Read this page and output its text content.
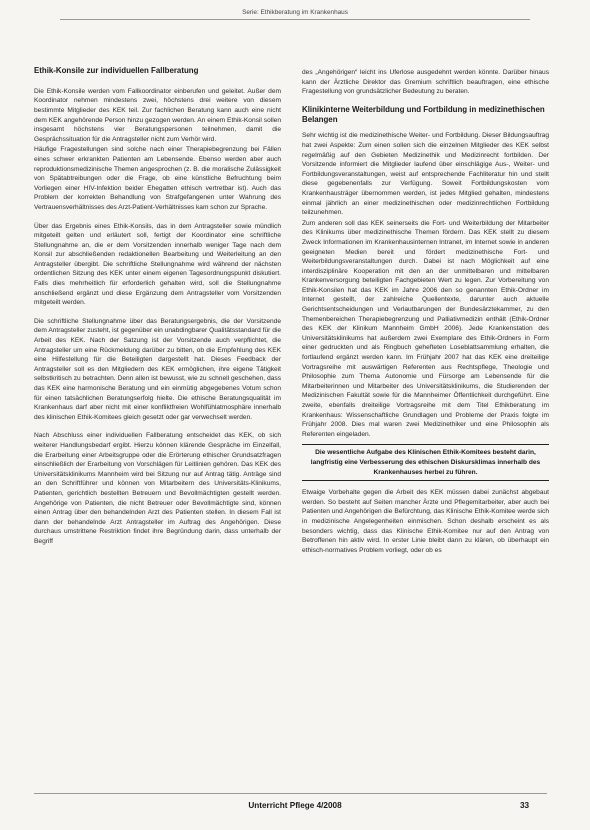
Serie: Ethikberatung im Krankenhaus
Ethik-Konsile zur individuellen Fallberatung

Die Ethik-Konsile werden vom Fallkoordinator einberufen und geleitet. Außer dem Koordinator nehmen mindestens zwei, höchstens drei weitere von diesem bestimmte Mitglieder des KEK teil. Zur fachlichen Beratung kann auch eine nicht dem KEK angehörende Person hinzu gezogen werden. An einem Ethik-Konsil sollen insgesamt höchstens vier Beratungspersonen teilnehmen, damit die Gesprächssituation für die Antragsteller nicht zum Verhör wird.

Häufige Fragestellungen sind solche nach einer Therapiebegrenzung bei Fällen eines schwer erkrankten Patienten am Lebensende. Ebenso werden aber auch reproduktionsmedizinische Themen angesprochen (z. B. die moralische Zulässigkeit von Spätabtreibungen oder die Frage, ob eine künstliche Befruchtung beim Vorliegen einer HIV-Infektion beider Ehegatten ethisch vertretbar ist). Auch das Problem der korrekten Behandlung von Strafgefangenen unter Wahrung des Vertrauensverhältnisses des Arzt-Patient-Verhältnisses kam schon zur Sprache.

Über das Ergebnis eines Ethik-Konsils, das in dem Antragsteller sowie mündlich mitgeteilt gelten und erläutert soll, fertigt der Koordinator eine schriftliche Stellungnahme an, die er dem Vorsitzenden innerhalb weniger Tage nach dem Konsil zur abschließenden redaktionellen Bearbeitung und Weiterleitung an den Antragsteller übergibt. Die schriftliche Stellungnahme wird während der nächsten ordentlichen Sitzung des KEK unter einem eigenen Tagesordnungspunkt diskutiert. Falls dies mehrheitlich für erforderlich gehalten wird, soll die Stellungnahme anschließend ergänzt und diese Ergänzung dem Antragsteller vom Vorsitzenden mitgeteilt werden.

Die schriftliche Stellungnahme über das Beratungsergebnis, die der Vorsitzende dem Antragsteller zusteht, ist gegenüber ein unabdingbarer Qualitätsstandard für die Arbeit des KEK. Nach der Satzung ist der Vorsitzende auch verpflichtet, die Antragsteller um eine Rückmeldung darüber zu bitten, ob die Empfehlung des KEK eine Hilfestellung für die Beteiligten dargestellt hat. Dieses Feedback der Antragsteller soll es den Mitgliedern des KEK ermöglichen, ihre eigene Tätigkeit selbstkritisch zu betrachten. Denn allen ist bewusst, wie zu schnell geschehen, dass das KEK eine harmonische Beratung und ein einmütig abgegebenes Votum schon für einen tatsächlichen Beratungserfolg hielte. Die ethische Beratungsqualität im Krankenhaus darf aber nicht mit einer konfliktfreien Wohlfühlatmosphäre innerhalb des klinischen Ethik-Komitees gleich gesetzt oder gar verwechselt werden.

Nach Abschluss einer individuellen Fallberatung entscheidet das KEK, ob sich weiterer Handlungsbedarf ergibt. Hierzu können klärende Gespräche im Einzelfall, die Erarbeitung einer Arbeitsgruppe oder die Erörterung ethischer Grundsatzfragen einschließlich der Erarbeitung von Vorschlägen für Leitlinien gehören. Das KEK des Universitätsklinikums Mannheim wird bei Sitzung nur auf Antrag tätig. Anträge sind an den Schriftführer und können von Mitarbeitern des Universitäts-Klinikums, Patienten, gerichtlich bestellten Betreuern und Bevollmächtigten gestellt werden. Angehörige von Patienten, die nicht Betreuer oder Bevollmächtigte sind, können einen Antrag über den behandelnden Arzt des Patienten stellen. In diesem Fall ist dann der behandelnde Arzt Antragsteller im Auftrag des Angehörigen. Diese durchaus umstrittene Restriktion findet ihre Begründung darin, dass unterhalb der Begriff

des „Angehörigen“ leicht ins Uferlose ausgedehnt werden könnte. Darüber hinaus kann der Ärztliche Direktor das Gremium schriftlich beauftragen, eine ethische Fragestellung von grundsätzlicher Bedeutung zu beraten.

Klinikinterne Weiterbildung und Fortbildung in medizinethischen Belangen

Sehr wichtig ist die medizinethische Weiter- und Fortbildung. Dieser Bildungsauftrag hat zwei Aspekte: Zum einen sollen sich die einzelnen Mitglieder des KEK selbst regelmäßig auf den Gebieten Medizinethik und Medizinrecht fortbilden. Der Vorsitzende informiert die Mitglieder laufend über einschlägige Aus-, Weiter- und Fortbildungsveranstaltungen, weist auf entsprechende Fachliteratur hin und stellt diese gegebenenfalls zur Verfügung. Soweit Fortbildungskosten vom Krankenhausträger übernommen werden, ist jedes Mitglied gehalten, mindestens einmal jährlich an einer medizinethischen oder medizinrechtlichen Fortbildung teilzunehmen.

Zum anderen soll das KEK seinerseits die Fort- und Weiterbildung der Mitarbeiter des Klinikums über medizinethische Themen fördern. Das KEK stellt zu diesem Zweck Informationen im Krankenhausinternen Intranet, im Internet sowie in anderen geeigneten Medien bereit und fördert medizinethische Fort- und Weiterbildungsveranstaltungen durch. Dabei ist nach Möglichkeit auf eine interdisziplinäre Kooperation mit den an der unmittelbaren und mittelbaren Krankenversorgung beteiligten Fachgebieten Wert zu legen. Zur Vorbereitung von Ethik-Konsilen hat das KEK im Jahre 2006 den so genannten Ethik-Ordner im Internet gestellt, der zahlreiche Quellentexte, darunter auch aktuelle Gerichtsentscheidungen und Verlautbarungen der Bundesärztekammer, zu den Themenbereichen Therapiebegrenzung und Palliativmedizin enthält (Ethik-Ordner des KEK der Klinikum Mannheim GmbH 2006). Jede Krankenstation des Universitätsklinikums hat außerdem zwei Exemplare des Ethik-Ordners in Form einer gedruckten und als Ringbuch gehefteten Loseblattsammlung erhalten, die fortlaufend ergänzt werden kann. Im Frühjahr 2007 hat das KEK eine dreiteilige Vortragsreihe mit auswärtigen Referenten aus Rechtspflege, Theologie und Philosophie zum Thema Autonomie und Fürsorge am Lebensende für die Mitarbeiterinnen und Mitarbeiter des Universitätsklinikums, die Studierenden der Medizinischen Fakultät sowie für die Mannheimer Öffentlichkeit durchgeführt. Eine zweite, ebenfalls dreiteilige Vortragsreihe mit dem Titel Ethikberatung im Krankenhaus: Wissenschaftliche Grundlagen und Probleme der Praxis folgte im Frühjahr 2008. Dies mal waren zwei Medizinethiker und eine Philosophin als Referenten eingeladen.

Die wesentliche Aufgabe des Klinischen Ethik-Komitees besteht darin, langfristig eine Verbesserung des ethischen Diskursklimas innerhalb des Krankenhauses herbei zu führen.

Etwaige Vorbehalte gegen die Arbeit des KEK müssen dabei zunächst abgebaut werden. So besteht auf Seiten mancher Ärzte und Pflegemitarbeiter, aber auch bei Patienten und Angehörigen die Befürchtung, das Klinische Ethik-Komitee werde sich in medizinische Angelegenheiten einmischen. Schon deshalb erscheint es als besonders wichtig, dass das Klinische Ethik-Komitee nur auf den Antrag von Betroffenen hin aktiv wird. In erster Linie bleibt dann zu klären, ob überhaupt ein ethisch-normatives Problem vorliegt, oder ob es

Unterricht Pflege 4/2008	33
